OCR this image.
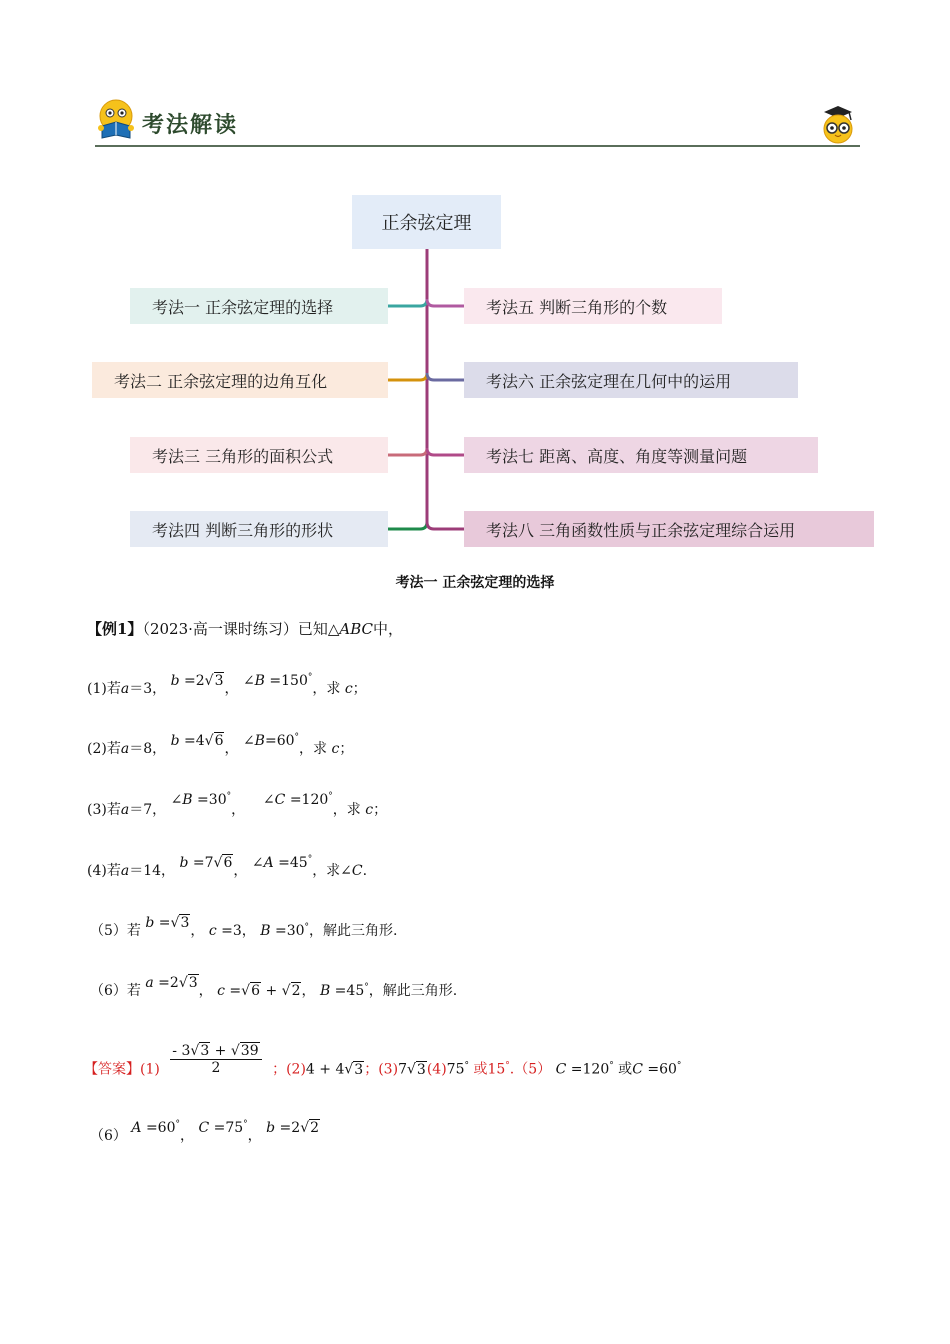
考法解读
正余弦定理
考法一 正余弦定理的选择
考法二 正余弦定理的边角互化
考法三 三角形的面积公式
考法四 判断三角形的形状
考法五 判断三角形的个数
考法六 正余弦定理在几何中的运用
考法七 距离、高度、角度等测量问题
考法八 三角函数性质与正余弦定理综合运用
考法一 正余弦定理的选择
【例1】（2023·高一课时练习）已知△ABC中，
(1)若a＝3， b =2√3， ∠B =150°，求 c；
(2)若a＝8， b =4√6， ∠B=60°，求 c；
(3)若a＝7， ∠B =30°，    ∠C =120°，求 c；
(4)若a＝14， b =7√6， ∠A =45°，求∠C.
（5）若 b =√3， c =3， B =30°，解此三角形.
（6）若 a =2√3， c =√6 + √2， B =45°，解此三角形.
【答案】$(1) \frac{- 3√3 + √39}{2}$ ；(2)4 + 4√3；(3)7√3(4)75° 或15°.（5） C =120° 或C =60°
（6） A =60°， C =75°， b =2√2
